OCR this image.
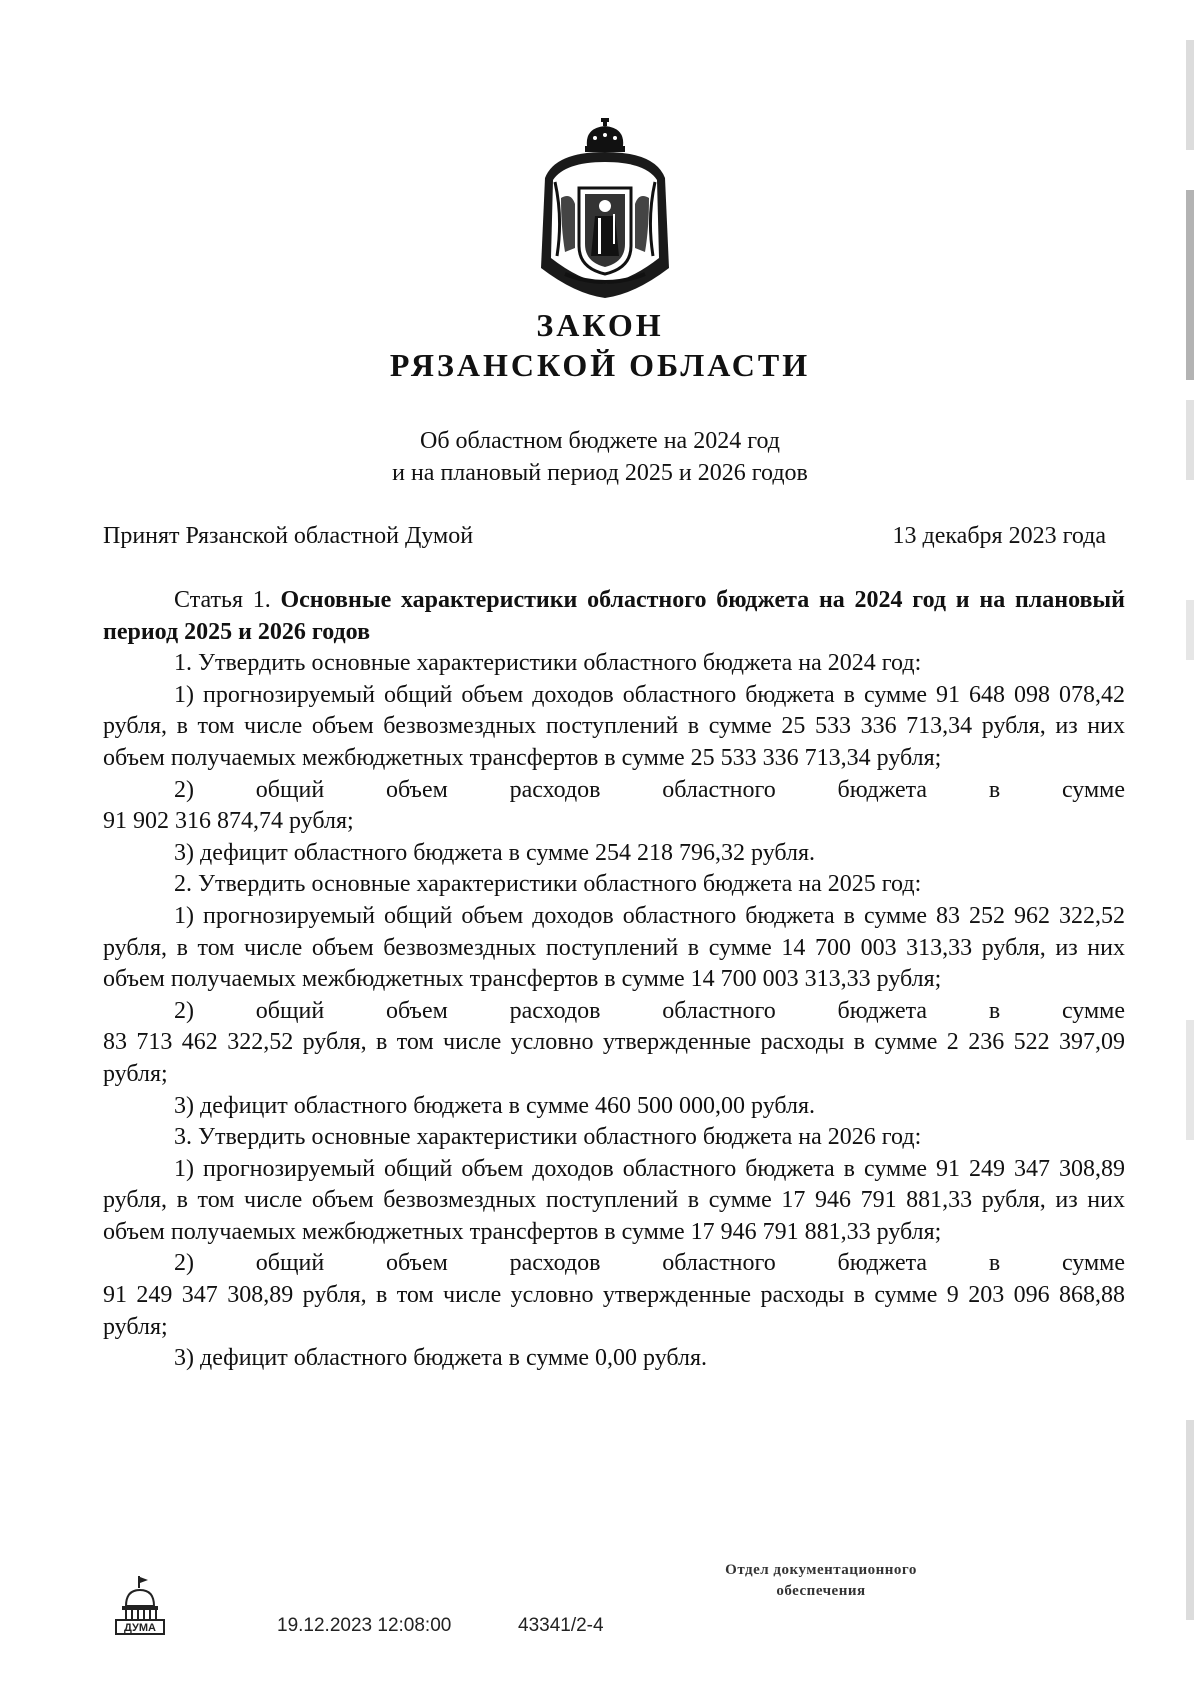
ЗАКОН
РЯЗАНСКОЙ ОБЛАСТИ
Об областном бюджете на 2024 год
и на плановый период 2025 и 2026 годов
Принят Рязанской областной Думой	13 декабря 2023 года

Статья 1. Основные характеристики областного бюджета на 2024 год и на плановый период 2025 и 2026 годов

1. Утвердить основные характеристики областного бюджета на 2024 год:

1) прогнозируемый общий объем доходов областного бюджета в сумме 91 648 098 078,42 рубля, в том числе объем безвозмездных поступлений в сумме 25 533 336 713,34 рубля, из них объем получаемых межбюджетных трансфертов в сумме 25 533 336 713,34 рубля;

2) общий объем расходов областного бюджета в сумме

91 902 316 874,74 рубля;

3) дефицит областного бюджета в сумме 254 218 796,32 рубля.

2. Утвердить основные характеристики областного бюджета на 2025 год:

1) прогнозируемый общий объем доходов областного бюджета в сумме 83 252 962 322,52 рубля, в том числе объем безвозмездных поступлений в сумме 14 700 003 313,33 рубля, из них объем получаемых межбюджетных трансфертов в сумме 14 700 003 313,33 рубля;

2) общий объем расходов областного бюджета в сумме

83 713 462 322,52 рубля, в том числе условно утвержденные расходы в сумме 2 236 522 397,09 рубля;

3) дефицит областного бюджета в сумме 460 500 000,00 рубля.

3. Утвердить основные характеристики областного бюджета на 2026 год:

1) прогнозируемый общий объем доходов областного бюджета в сумме 91 249 347 308,89 рубля, в том числе объем безвозмездных поступлений в сумме 17 946 791 881,33 рубля, из них объем получаемых межбюджетных трансфертов в сумме 17 946 791 881,33 рубля;

2) общий объем расходов областного бюджета в сумме

91 249 347 308,89 рубля, в том числе условно утвержденные расходы в сумме 9 203 096 868,88 рубля;

3) дефицит областного бюджета в сумме 0,00 рубля.

ДУМА	19.12.2023 12:08:00	43341/2-4
Отдел документационного
обеспечения
